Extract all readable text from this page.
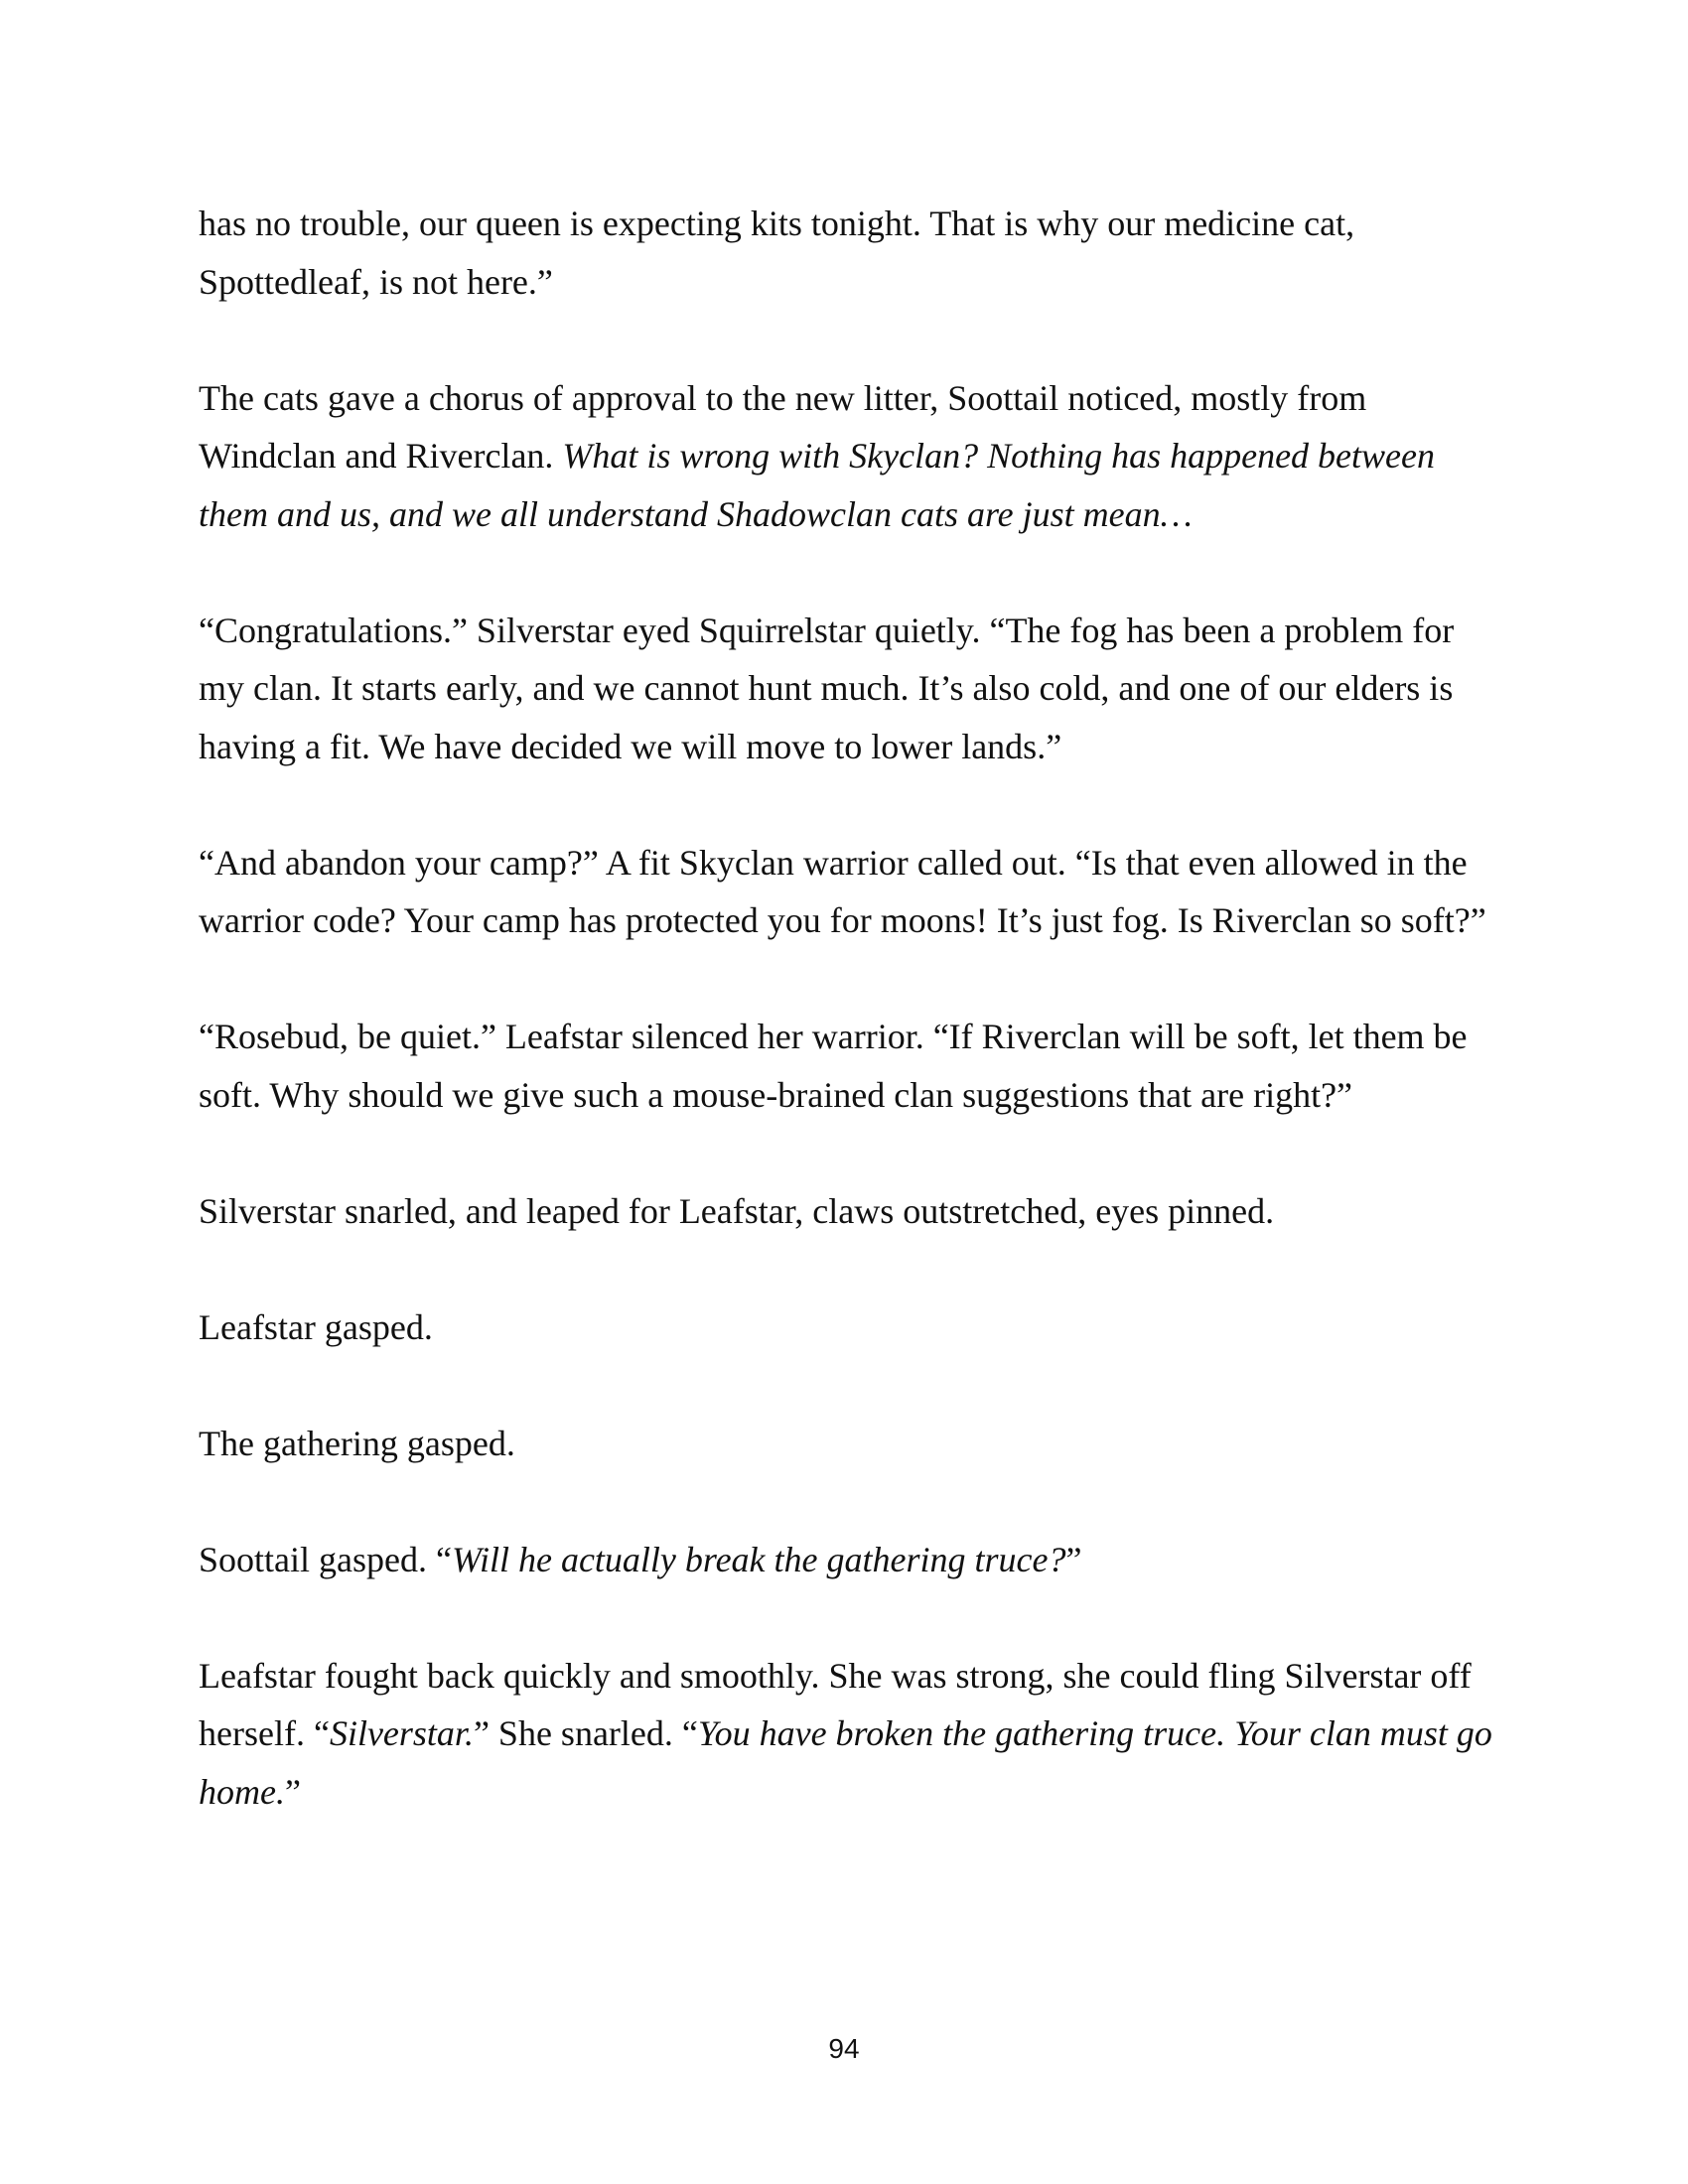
has no trouble, our queen is expecting kits tonight. That is why our medicine cat, Spottedleaf, is not here.”

The cats gave a chorus of approval to the new litter, Soottail noticed, mostly from Windclan and Riverclan. What is wrong with Skyclan? Nothing has happened between them and us, and we all understand Shadowclan cats are just mean…

“Congratulations.” Silverstar eyed Squirrelstar quietly. “The fog has been a problem for my clan. It starts early, and we cannot hunt much. It’s also cold, and one of our elders is having a fit. We have decided we will move to lower lands.”

“And abandon your camp?” A fit Skyclan warrior called out. “Is that even allowed in the warrior code? Your camp has protected you for moons! It’s just fog. Is Riverclan so soft?”

“Rosebud, be quiet.” Leafstar silenced her warrior. “If Riverclan will be soft, let them be soft. Why should we give such a mouse-brained clan suggestions that are right?”

Silverstar snarled, and leaped for Leafstar, claws outstretched, eyes pinned.

Leafstar gasped.

The gathering gasped.

Soottail gasped. “Will he actually break the gathering truce?”

Leafstar fought back quickly and smoothly. She was strong, she could fling Silverstar off herself. “Silverstar.” She snarled. “You have broken the gathering truce. Your clan must go home.”

94
